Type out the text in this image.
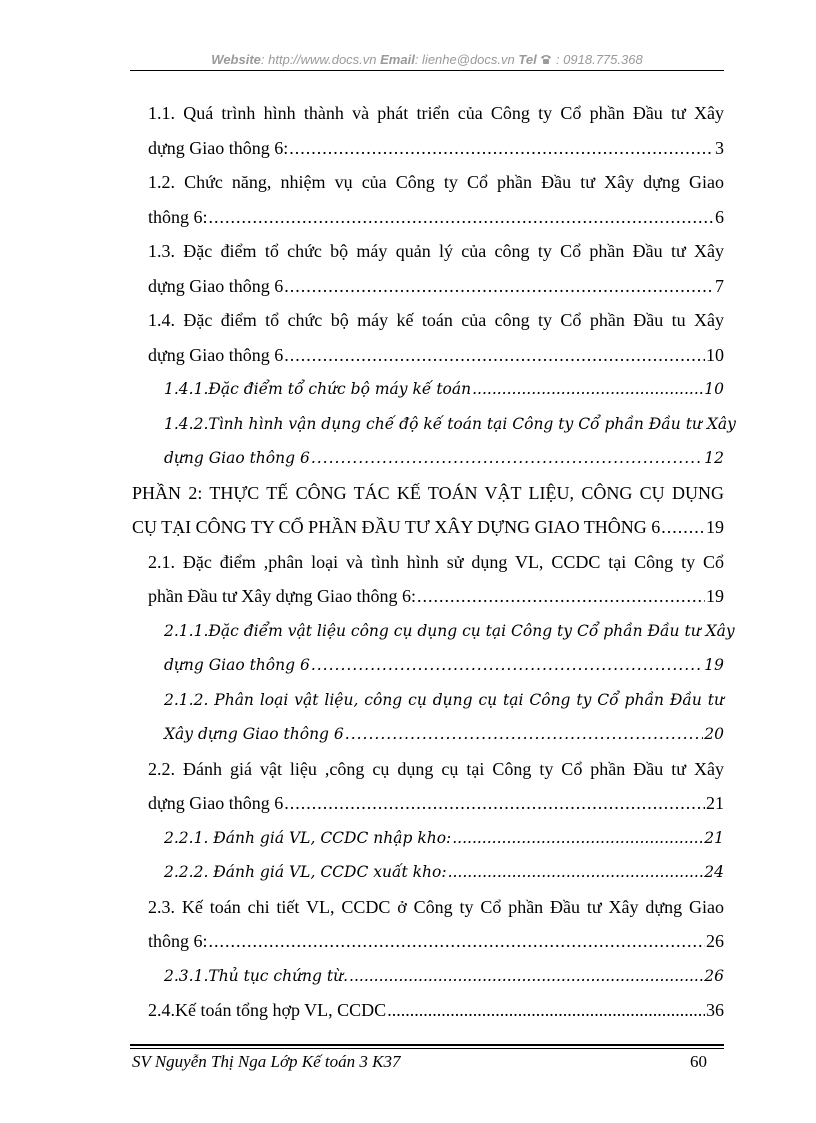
Website: http://www.docs.vn Email: lienhe@docs.vn Tel : 0918.775.368
1.1. Quá trình hình thành và phát triển của Công ty Cổ phần Đầu tư Xây
dựng Giao thông 6: .....	3
1.2. Chức năng, nhiệm vụ của Công ty Cổ phần Đầu tư Xây dựng Giao
thông 6: .....	6
1.3. Đặc điểm tổ chức bộ máy quản lý của công ty Cổ phần Đầu tư Xây
dựng Giao thông 6 .....	7
1.4. Đặc điểm tổ chức bộ máy kế toán của công ty Cổ phần Đầu tu Xây
dựng Giao thông 6 .....	10
1.4.1.Đặc điểm tổ chức bộ máy kế toán .....	10
1.4.2.Tình hình vận dụng chế độ kế toán tại Công ty Cổ phần Đầu tư Xây
dựng Giao thông 6 .....	12
PHẦN 2: THỰC TẾ CÔNG TÁC KẾ TOÁN VẬT LIỆU, CÔNG CỤ DỤNG
CỤ TẠI CÔNG TY CỔ PHẦN ĐẦU TƯ XÂY DỰNG GIAO THÔNG 6 .....	19
2.1. Đặc điểm ,phân loại và tình hình sử dụng VL, CCDC tại Công ty Cổ
phần Đầu tư Xây dựng Giao thông 6: .....	19
2.1.1.Đặc điểm vật liệu công cụ dụng cụ tại Công ty Cổ phần Đầu tư Xây
dựng Giao thông 6 .....	19
2.1.2. Phân loại vật liệu, công cụ dụng cụ tại Công ty Cổ phần Đầu tư
Xây dựng Giao thông 6 .....	20
2.2. Đánh giá vật liệu ,công cụ dụng cụ tại Công ty Cổ phần Đầu tư Xây
dựng Giao thông 6 .....	21
2.2.1. Đánh giá VL, CCDC nhập kho: .....	21
2.2.2. Đánh giá VL, CCDC xuất kho: .....	24
2.3. Kế toán chi tiết VL, CCDC ở Công ty Cổ phần Đầu tư Xây dựng Giao
thông 6: .....	26
2.3.1.Thủ tục chứng từ. .....	26
2.4.Kế toán tổng hợp VL, CCDC .....	36
SV Nguyễn Thị Nga Lớp Kế toán 3 K37	60
